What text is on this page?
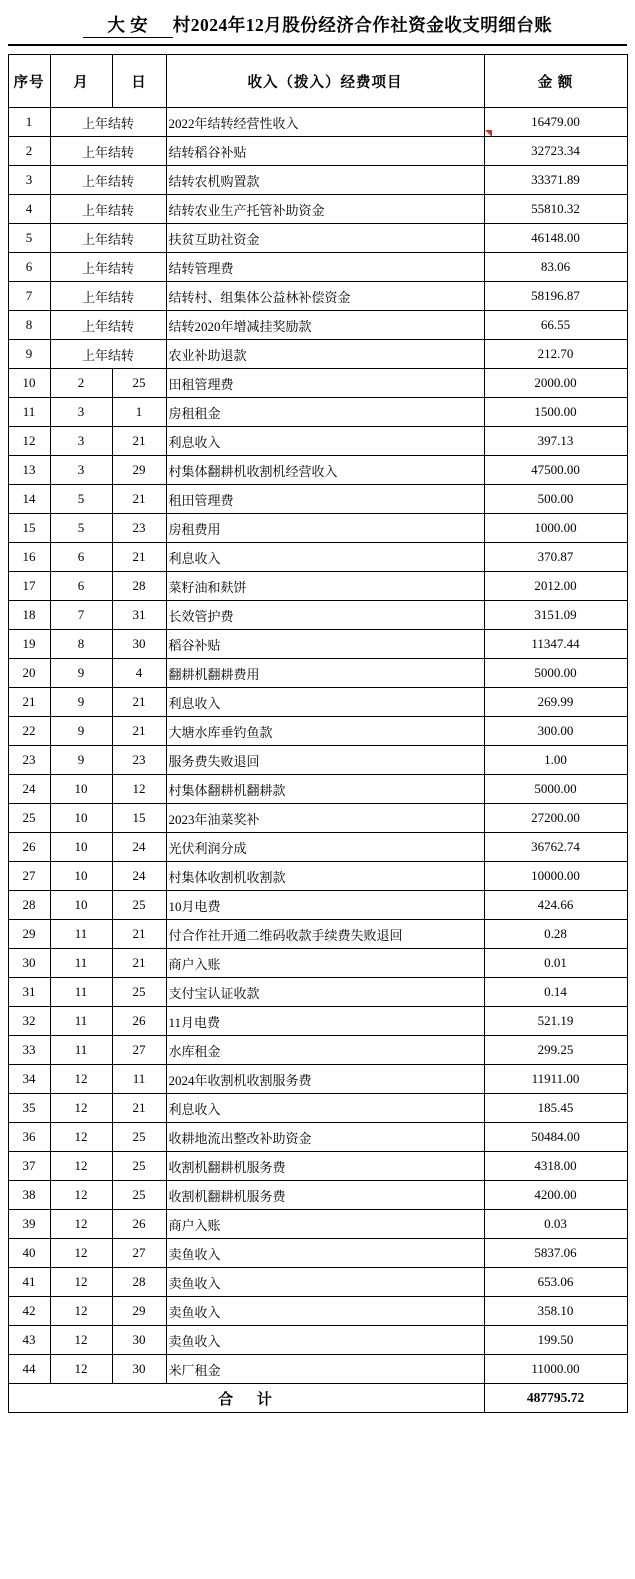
大 安 村2024年12月股份经济合作社资金收支明细台账
序号	月	日	收入（拨入）经费项目	金 额
1	上年结转		2022年结转经营性收入	16479.00
2	上年结转		结转稻谷补贴	32723.34
3	上年结转		结转农机购置款	33371.89
4	上年结转		结转农业生产托管补助资金	55810.32
5	上年结转		扶贫互助社资金	46148.00
6	上年结转		结转管理费	83.06
7	上年结转		结转村、组集体公益林补偿资金	58196.87
8	上年结转		结转2020年增减挂奖励款	66.55
9	上年结转		农业补助退款	212.70
10	2	25	田租管理费	2000.00
11	3	1	房租租金	1500.00
12	3	21	利息收入	397.13
13	3	29	村集体翻耕机收割机经营收入	47500.00
14	5	21	租田管理费	500.00
15	5	23	房租费用	1000.00
16	6	21	利息收入	370.87
17	6	28	菜籽油和麸饼	2012.00
18	7	31	长效管护费	3151.09
19	8	30	稻谷补贴	11347.44
20	9	4	翻耕机翻耕费用	5000.00
21	9	21	利息收入	269.99
22	9	21	大塘水库垂钓鱼款	300.00
23	9	23	服务费失败退回	1.00
24	10	12	村集体翻耕机翻耕款	5000.00
25	10	15	2023年油菜奖补	27200.00
26	10	24	光伏利润分成	36762.74
27	10	24	村集体收割机收割款	10000.00
28	10	25	10月电费	424.66
29	11	21	付合作社开通二维码收款手续费失败退回	0.28
30	11	21	商户入账	0.01
31	11	25	支付宝认证收款	0.14
32	11	26	11月电费	521.19
33	11	27	水库租金	299.25
34	12	11	2024年收割机收割服务费	11911.00
35	12	21	利息收入	185.45
36	12	25	收耕地流出整改补助资金	50484.00
37	12	25	收割机翻耕机服务费	4318.00
38	12	25	收割机翻耕机服务费	4200.00
39	12	26	商户入账	0.03
40	12	27	卖鱼收入	5837.06
41	12	28	卖鱼收入	653.06
42	12	29	卖鱼收入	358.10
43	12	30	卖鱼收入	199.50
44	12	30	米厂租金	11000.00
合 计				487795.72
